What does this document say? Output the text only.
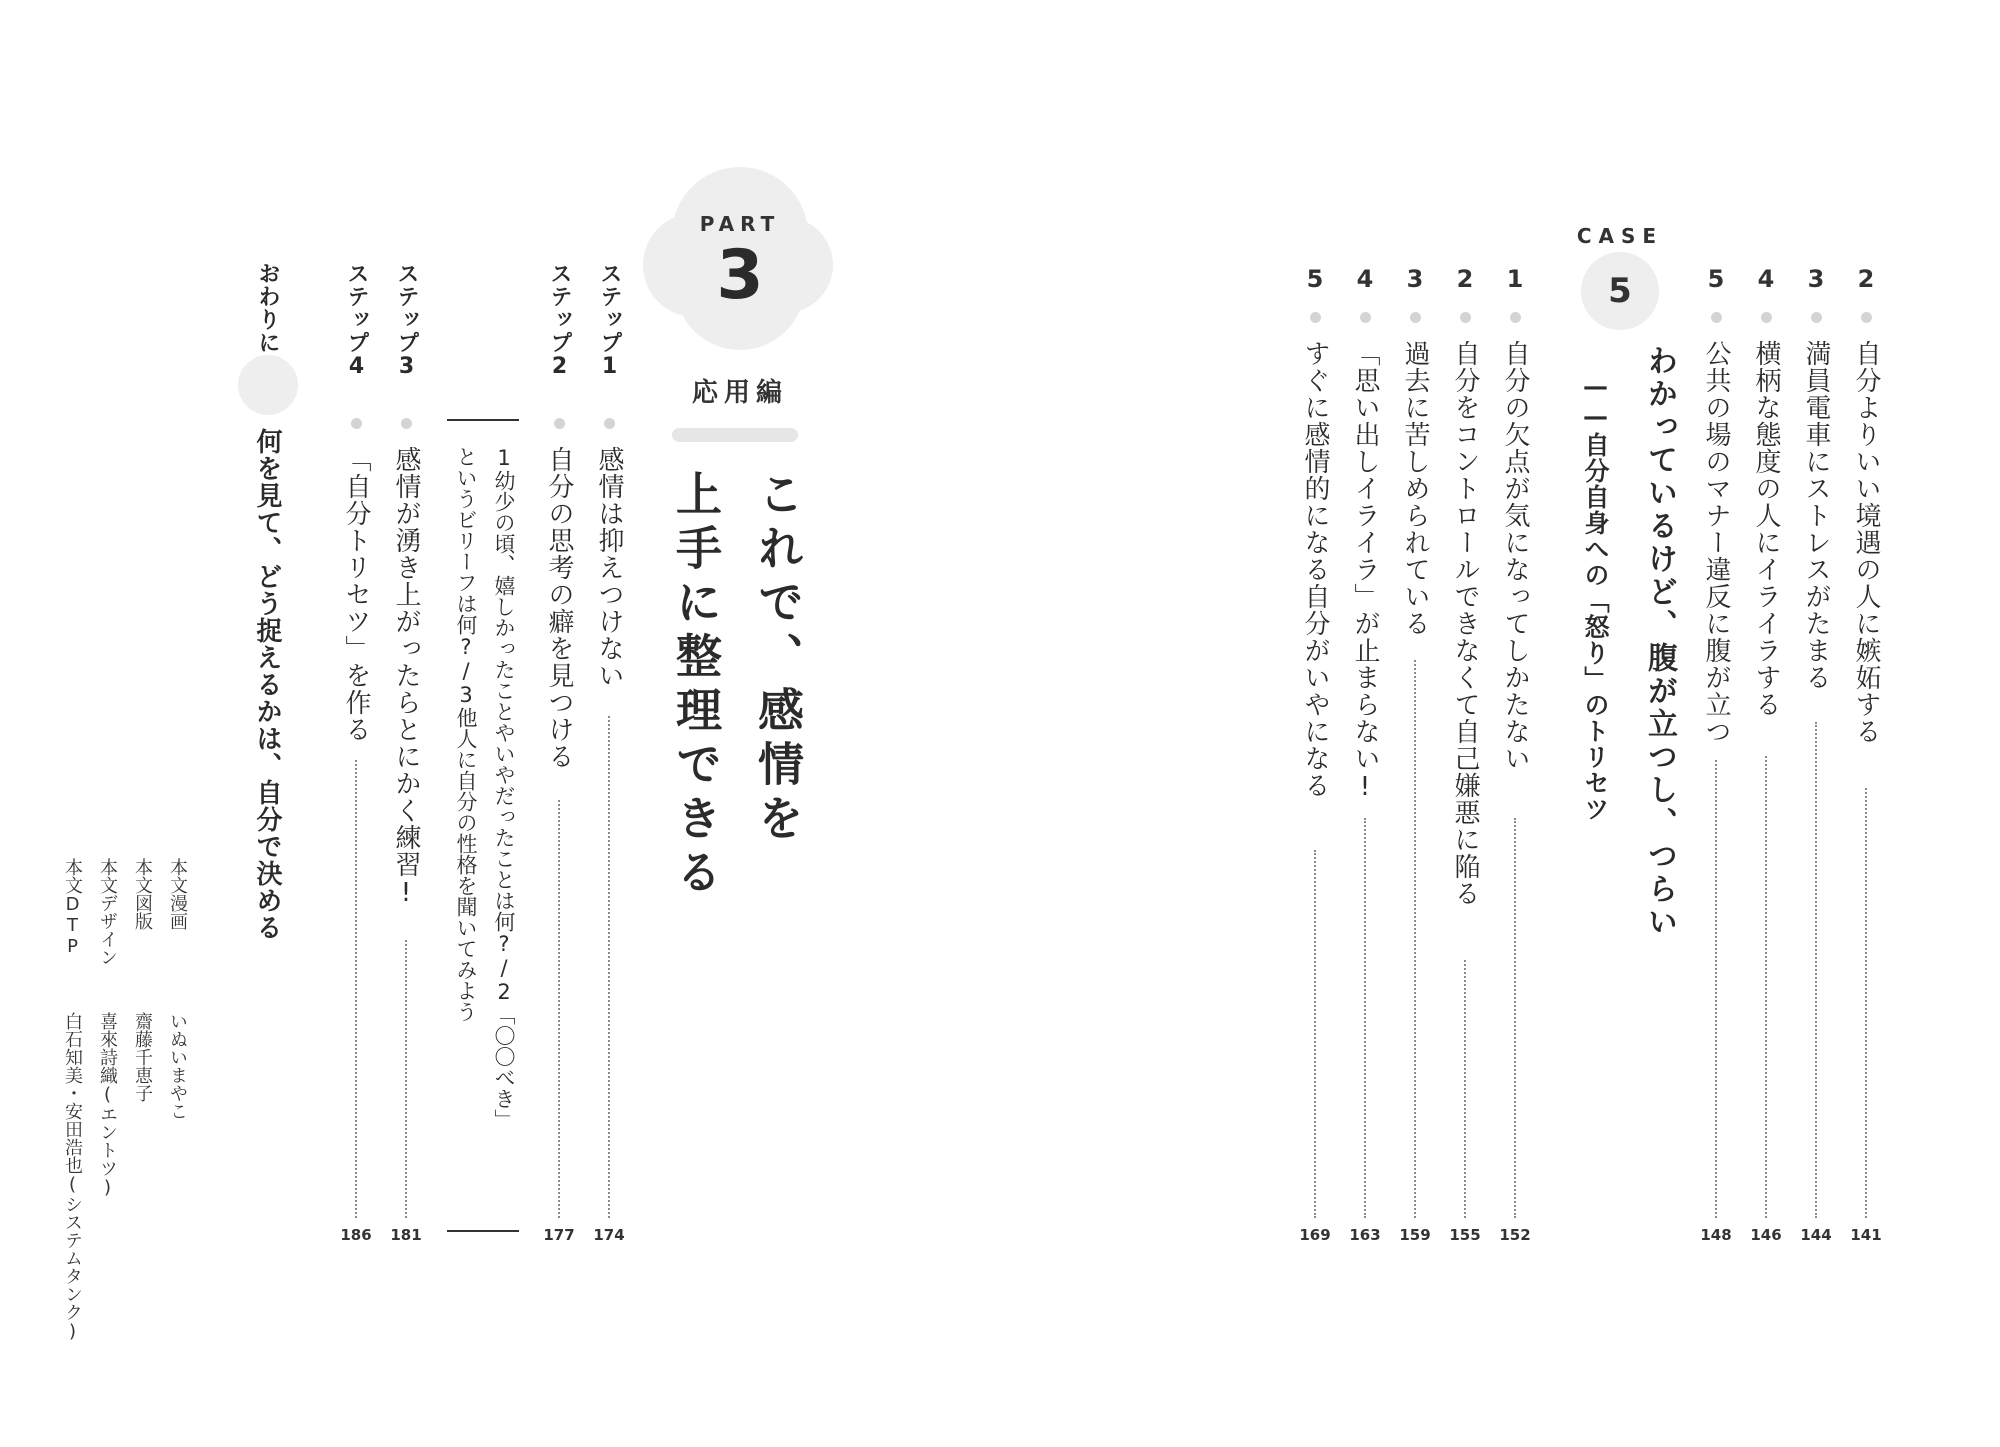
2
自分よりいい境遇の人に嫉妬する
141
3
満員電車にストレスがたまる
144
4
横柄な態度の人にイライラする
146
5
公共の場のマナー違反に腹が立つ
148
CASE
5
わかっているけど、腹が立つし、つらい
——自分自身への「怒り」のトリセツ
1
自分の欠点が気になってしかたない
152
2
自分をコントロールできなくて自己嫌悪に陥る
155
3
過去に苦しめられている
159
4
「思い出しイライラ」が止まらない!
163
5
すぐに感情的になる自分がいやになる
169
PART
3
応用編
これで、感情を
上手に整理できる
ステップ1
感情は抑えつけない
174
ステップ2
自分の思考の癖を見つける
177
1幼少の頃、嬉しかったことやいやだったことは何?/2「〇〇べき」
というビリーフは何?/3他人に自分の性格を聞いてみよう
ステップ3
感情が湧き上がったらとにかく練習!
181
ステップ4
「自分トリセツ」を作る
186
おわりに
何を見て、どう捉えるかは、自分で決める
本文漫画
いぬいまやこ
本文図版
齋藤千恵子
本文デザイン
喜來詩織(エントツ)
本文DTP
白石知美・安田浩也(システムタンク)
